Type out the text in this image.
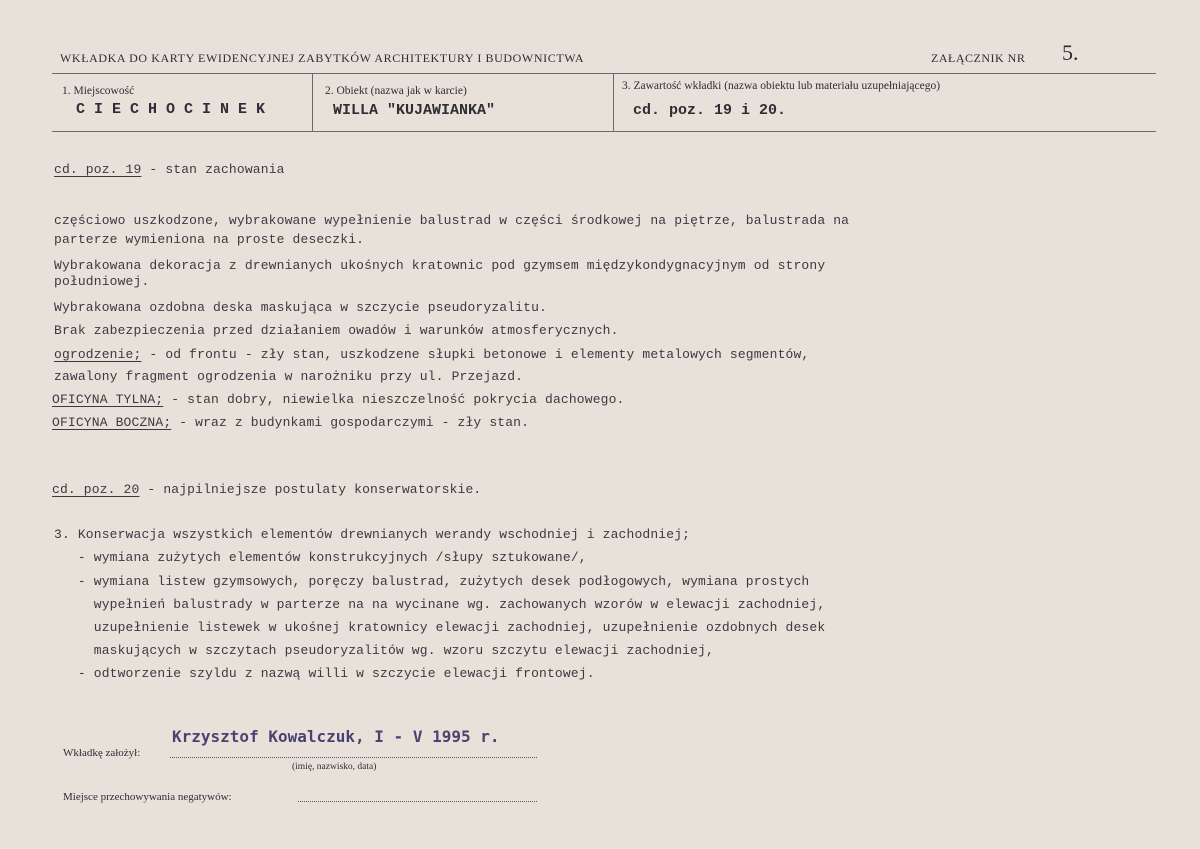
WKŁADKA DO KARTY EWIDENCYJNEJ ZABYTKÓW ARCHITEKTURY I BUDOWNICTWA	ZAŁĄCZNIK NR 5.
1. Miejscowość
CIECHOCINEK
2. Obiekt (nazwa jak w karcie)
WILLA "KUJAWIANKA"
3. Zawartość wkładki (nazwa obiektu lub materiału uzupełniającego)
cd. poz. 19 i 20.
cd. poz. 19 - stan zachowania
częściowo uszkodzone, wybrakowane wypełnienie balustrad w części środkowej na piętrze, balustrada na
parterze wymieniona na proste deseczki.
Wybrakowana dekoracja z drewnianych ukośnych kratownic pod gzymsem międzykondygnacyjnym od strony
południowej.
Wybrakowana ozdobna deska maskująca w szczycie pseudoryzalitu.
Brak zabezpieczenia przed działaniem owadów i warunków atmosferycznych.
ogrodzenie; - od frontu - zły stan, uszkodzene słupki betonowe i elementy metalowych segmentów,
zawalony fragment ogrodzenia w narożniku przy ul. Przejazd.
OFICYNA TYLNA; - stan dobry, niewielka nieszczelność pokrycia dachowego.
OFICYNA BOCZNA; - wraz z budynkami gospodarczymi - zły stan.
cd. poz. 20 - najpilniejsze postulaty konserwatorskie.
3. Konserwacja wszystkich elementów drewnianych werandy wschodniej i zachodniej;
- wymiana zużytych elementów konstrukcyjnych /słupy sztukowane/,
- wymiana listew gzymsowych, poręczy balustrad, zużytych desek podłogowych, wymiana prostych
wypełnień balustrady w parterze na na wycinane wg. zachowanych wzorów w elewacji zachodniej,
uzupełnienie listewek w ukośnej kratownicy elewacji zachodniej, uzupełnienie ozdobnych desek
maskujących w szczytach pseudoryzalitów wg. wzoru szczytu elewacji zachodniej,
- odtworzenie szyldu z nazwą willi w szczycie elewacji frontowej.
Wkładkę założył:
Krzysztof Kowalczuk, I - V 1995 r.
(imię, nazwisko, data)
Miejsce przechowywania negatywów:
